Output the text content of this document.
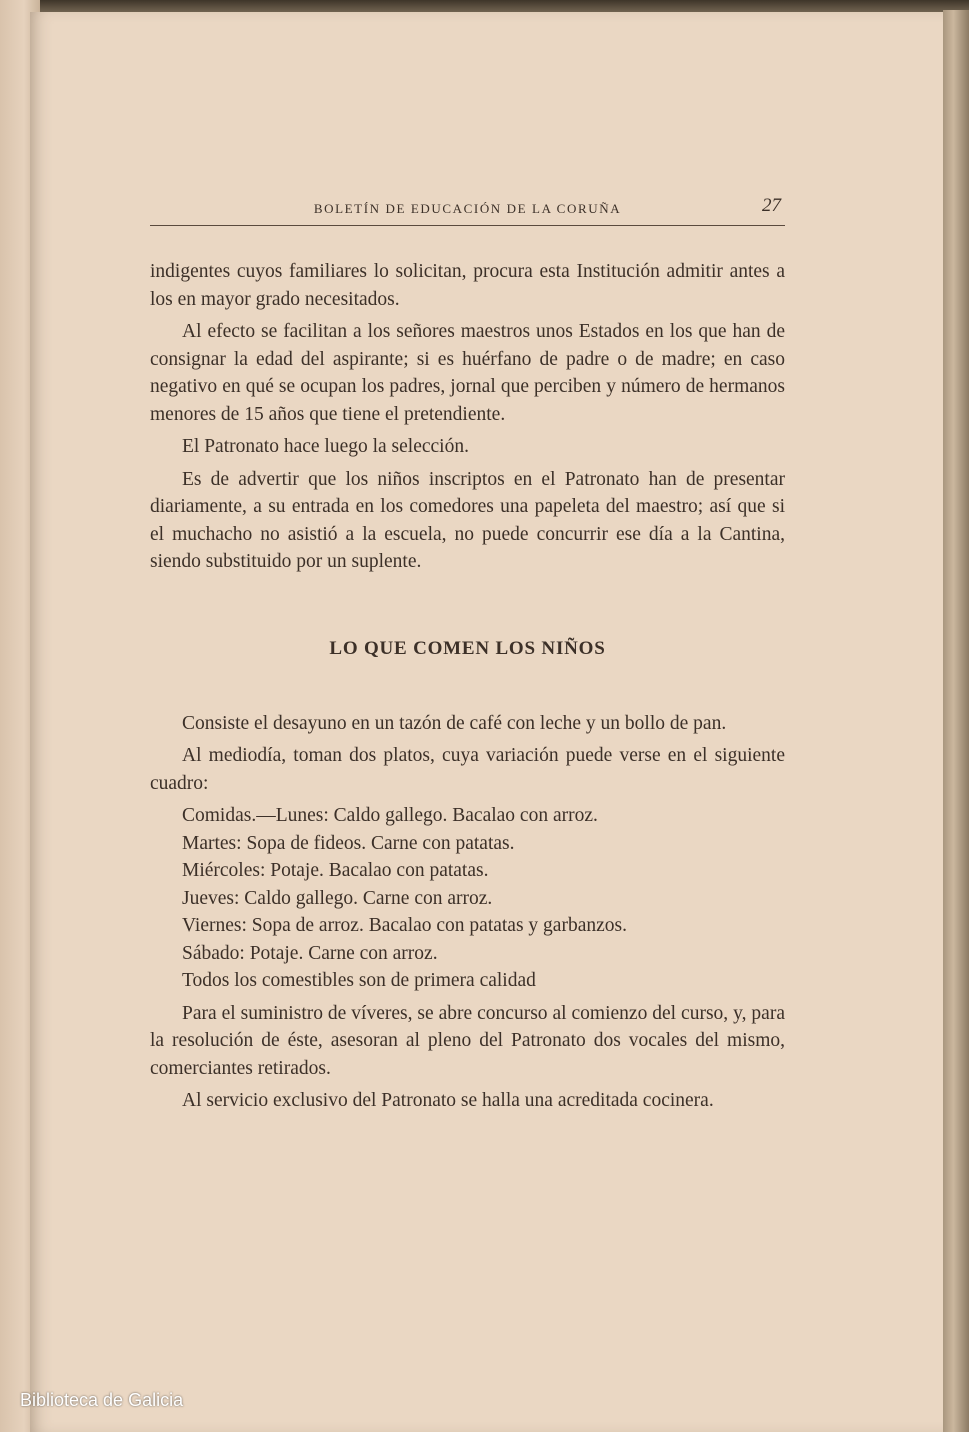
BOLETÍN DE EDUCACIÓN DE LA CORUÑA	27

indigentes cuyos familiares lo solicitan, procura esta Institución admitir antes a los en mayor grado necesitados.

Al efecto se facilitan a los señores maestros unos Estados en los que han de consignar la edad del aspirante; si es huérfano de padre o de madre; en caso negativo en qué se ocupan los padres, jornal que perciben y número de hermanos menores de 15 años que tiene el pretendiente.

El Patronato hace luego la selección.

Es de advertir que los niños inscriptos en el Patronato han de presentar diariamente, a su entrada en los comedores una papeleta del maestro; así que si el muchacho no asistió a la escuela, no puede concurrir ese día a la Cantina, siendo substituido por un suplente.

LO QUE COMEN LOS NIÑOS

Consiste el desayuno en un tazón de café con leche y un bollo de pan.

Al mediodía, toman dos platos, cuya variación puede verse en el siguiente cuadro:

Comidas.—Lunes: Caldo gallego. Bacalao con arroz.
Martes: Sopa de fideos. Carne con patatas.
Miércoles: Potaje. Bacalao con patatas.
Jueves: Caldo gallego. Carne con arroz.
Viernes: Sopa de arroz. Bacalao con patatas y garbanzos.
Sábado: Potaje. Carne con arroz.
Todos los comestibles son de primera calidad

Para el suministro de víveres, se abre concurso al comienzo del curso, y, para la resolución de éste, asesoran al pleno del Patronato dos vocales del mismo, comerciantes retirados.

Al servicio exclusivo del Patronato se halla una acreditada cocinera.

Biblioteca de Galicia
